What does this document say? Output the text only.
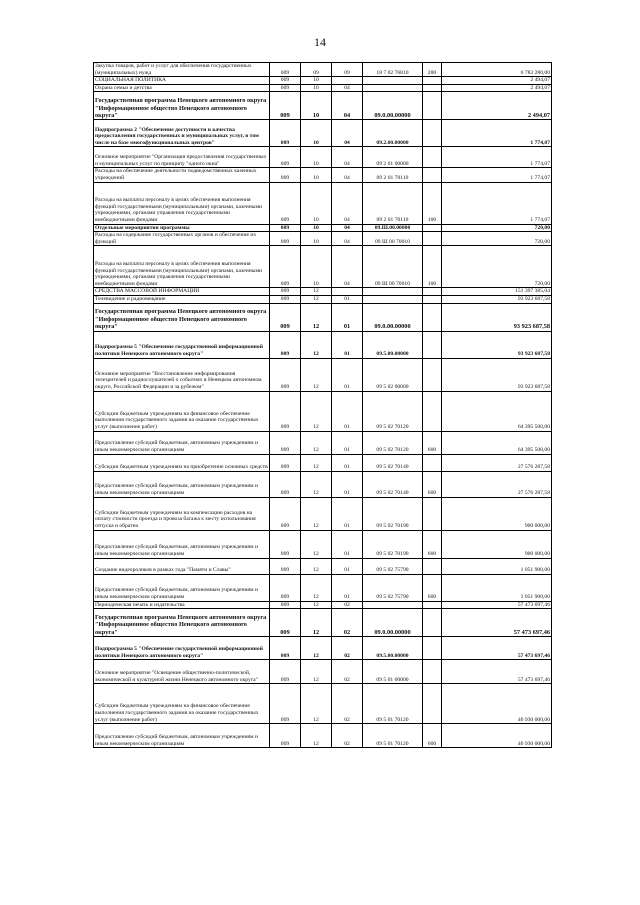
14
Закупка товаров, работ и услуг для обеспечения государственных (муниципальных) нужд	009	09	09	18 7 02 76810	200	6 783 280,00
СОЦИАЛЬНАЯ ПОЛИТИКА	009	10				2 494,07
Охрана семьи и детства	009	10	04			2 494,07
Государственная программа Ненецкого автономного округа "Информационное общество Ненецкого автономного округа"	009	10	04	09.0.00.00000		2 494,07
Подпрограмма 2 "Обеспечение доступности и качества предоставления государственных и муниципальных услуг, в том числе на базе многофункциональных центров"	009	10	04	09.2.00.00000		1 774,07
Основное мероприятие "Организация предоставления государственных и муниципальных услуг по принципу "одного окна"	009	10	04	09 2 01 00000		1 774,07
Расходы на обеспечение деятельности подведомственных казенных учреждений	009	10	04	09 2 01 70110		1 774,07
Расходы на выплаты персоналу в целях обеспечения выполнения функций государственными (муниципальными) органами, казенными учреждениями, органами управления государственными внебюджетными фондами	009	10	04	09 2 01 70110	100	1 774,07
Отдельные мероприятия программы	009	10	04	09.Ш.00.00000		720,00
Расходы на содержание государственных органов и обеспечение их функций	009	10	04	09 Ш 00 70010		720,00
Расходы на выплаты персоналу в целях обеспечения выполнения функций государственными (муниципальными) органами, казенными учреждениями, органами управления государственными внебюджетными фондами	009	10	04	09 Ш 00 70010	100	720,00
СРЕДСТВА МАССОВОЙ ИНФОРМАЦИИ	009	12				151 397 385,04
Телевидение и радиовещание	009	12	01			93 923 687,58
Государственная программа Ненецкого автономного округа "Информационное общество Ненецкого автономного округа"	009	12	01	09.0.00.00000		93 923 687,58
Подпрограмма 5 "Обеспечение государственной информационной политики Ненецкого автономного округа"	009	12	01	09.5.00.00000		93 923 687,58
Основное мероприятие "Восстановление информирования телезрителей и радиослушателей о событиях в Ненецком автономном округе, Российской Федерации и за рубежом"	009	12	01	09 5 02 00000		93 923 687,58
Субсидии бюджетным учреждениям на финансовое обеспечение выполнения государственного задания на оказание государственных услуг (выполнение работ)	009	12	01	09 5 02 70120		64 395 500,00
Предоставление субсидий бюджетным, автономным учреждениям и иным некоммерческим организациям	009	12	01	09 5 02 70120	600	64 395 500,00
Субсидии бюджетным учреждениям на приобретение основных средств	009	12	01	09 5 02 70140		27 576 287,58
Предоставление субсидий бюджетным, автономным учреждениям и иным некоммерческим организациям	009	12	01	09 5 02 70140	600	27 576 287,58
Субсидии бюджетным учреждениям на компенсацию расходов на оплату стоимости проезда и провоза багажа к месту использования отпуска и обратно	009	12	01	09 5 02 70190		900 000,00
Предоставление субсидий бюджетным, автономным учреждениям и иным некоммерческим организациям	009	12	01	09 5 02 70190	600	900 000,00
Создание видеороликов в рамках года "Памяти и Славы"	009	12	01	09 5 02 75790		1 051 900,00
Предоставление субсидий бюджетным, автономным учреждениям и иным некоммерческим организациям	009	12	01	09 5 02 75790	600	1 051 900,00
Периодическая печать и издательства	009	12	02			57 473 697,46
Государственная программа Ненецкого автономного округа "Информационное общество Ненецкого автономного округа"	009	12	02	09.0.00.00000		57 473 697,46
Подпрограмма 5 "Обеспечение государственной информационной политики Ненецкого автономного округа"	009	12	02	09.5.00.00000		57 473 697,46
Основное мероприятие "Освещение общественно-политической, экономической и культурной жизни Ненецкого автономного округа"	009	12	02	09 5 01 00000		57 473 697,46
Субсидии бюджетным учреждениям на финансовое обеспечение выполнения государственного задания на оказание государственных услуг (выполнение работ)	009	12	02	09 5 01 70120		46 930 000,00
Предоставление субсидий бюджетным, автономным учреждениям и иным некоммерческим организациям	009	12	02	09 5 01 70120	600	46 930 000,00
